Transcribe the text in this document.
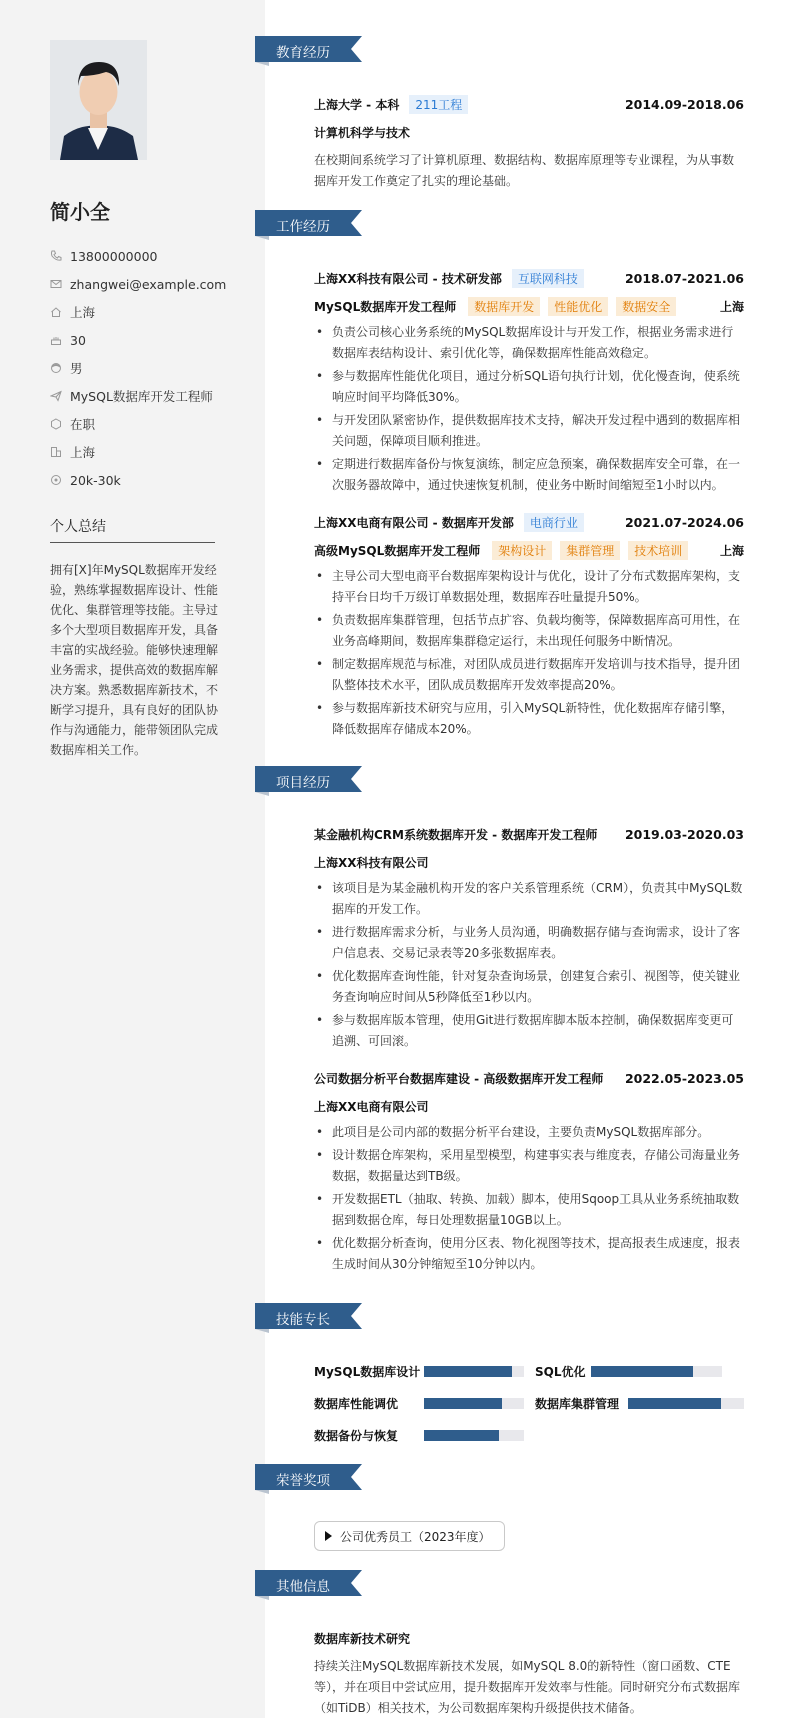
简小全
13800000000
zhangwei@example.com
上海
30
男
MySQL数据库开发工程师
在职
上海
20k-30k
个人总结
拥有[X]年MySQL数据库开发经验，熟练掌握数据库设计、性能优化、集群管理等技能。主导过多个大型项目数据库开发，具备丰富的实战经验。能够快速理解业务需求，提供高效的数据库解决方案。熟悉数据库新技术，不断学习提升，具有良好的团队协作与沟通能力，能带领团队完成数据库相关工作。
教育经历
工作经历
项目经历
技能专长
荣誉奖项
其他信息
上海大学 - 本科	211工程	2014.09-2018.06
计算机科学与技术
在校期间系统学习了计算机原理、数据结构、数据库原理等专业课程，为从事数据库开发工作奠定了扎实的理论基础。
上海XX科技有限公司 - 技术研发部	互联网科技	2018.07-2021.06
MySQL数据库开发工程师	数据库开发	性能优化	数据安全	上海
• 负责公司核心业务系统的MySQL数据库设计与开发工作，根据业务需求进行数据库表结构设计、索引优化等，确保数据库性能高效稳定。
• 参与数据库性能优化项目，通过分析SQL语句执行计划，优化慢查询，使系统响应时间平均降低30%。
• 与开发团队紧密协作，提供数据库技术支持，解决开发过程中遇到的数据库相关问题，保障项目顺利推进。
• 定期进行数据库备份与恢复演练，制定应急预案，确保数据库安全可靠，在一次服务器故障中，通过快速恢复机制，使业务中断时间缩短至1小时以内。
上海XX电商有限公司 - 数据库开发部	电商行业	2021.07-2024.06
高级MySQL数据库开发工程师	架构设计	集群管理	技术培训	上海
• 主导公司大型电商平台数据库架构设计与优化，设计了分布式数据库架构，支持平台日均千万级订单数据处理，数据库吞吐量提升50%。
• 负责数据库集群管理，包括节点扩容、负载均衡等，保障数据库高可用性，在业务高峰期间，数据库集群稳定运行，未出现任何服务中断情况。
• 制定数据库规范与标准，对团队成员进行数据库开发培训与技术指导，提升团队整体技术水平，团队成员数据库开发效率提高20%。
• 参与数据库新技术研究与应用，引入MySQL新特性，优化数据库存储引擎，降低数据库存储成本20%。
某金融机构CRM系统数据库开发 - 数据库开发工程师 2019.03-2020.03
上海XX科技有限公司
• 该项目是为某金融机构开发的客户关系管理系统（CRM），负责其中MySQL数据库的开发工作。
• 进行数据库需求分析，与业务人员沟通，明确数据存储与查询需求，设计了客户信息表、交易记录表等20多张数据库表。
• 优化数据库查询性能，针对复杂查询场景，创建复合索引、视图等，使关键业务查询响应时间从5秒降低至1秒以内。
• 参与数据库版本管理，使用Git进行数据库脚本版本控制，确保数据库变更可追溯、可回滚。
公司数据分析平台数据库建设 - 高级数据库开发工程师 2022.05-2023.05
上海XX电商有限公司
• 此项目是公司内部的数据分析平台建设，主要负责MySQL数据库部分。
• 设计数据仓库架构，采用星型模型，构建事实表与维度表，存储公司海量业务数据，数据量达到TB级。
• 开发数据ETL（抽取、转换、加载）脚本，使用Sqoop工具从业务系统抽取数据到数据仓库，每日处理数据量10GB以上。
• 优化数据分析查询，使用分区表、物化视图等技术，提高报表生成速度，报表生成时间从30分钟缩短至10分钟以内。
MySQL数据库设计	SQL优化
数据库性能调优	数据库集群管理
数据备份与恢复
公司优秀员工（2023年度）
数据库新技术研究
持续关注MySQL数据库新技术发展，如MySQL 8.0的新特性（窗口函数、CTE等），并在项目中尝试应用，提升数据库开发效率与性能。同时研究分布式数据库（如TiDB）相关技术，为公司数据库架构升级提供技术储备。
